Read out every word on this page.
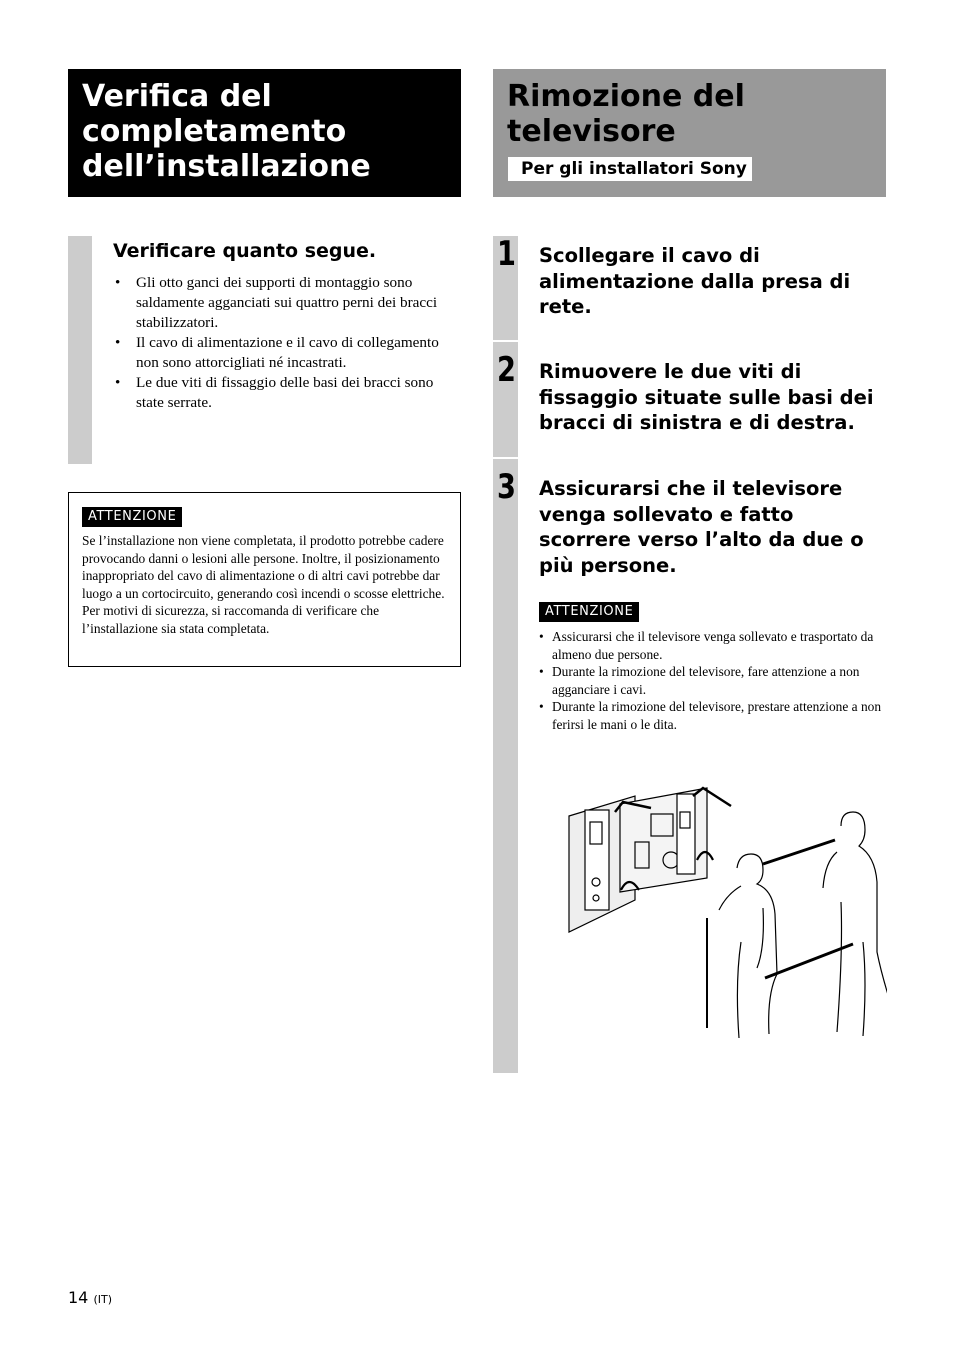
Verifica del completamento dell’installazione
Rimozione del televisore
Per gli installatori Sony
Verificare quanto segue.
• Gli otto ganci dei supporti di montaggio sono saldamente agganciati sui quattro perni dei bracci stabilizzatori.
• Il cavo di alimentazione e il cavo di collegamento non sono attorcigliati né incastrati.
• Le due viti di fissaggio delle basi dei bracci sono state serrate.
ATTENZIONE

Se l’installazione non viene completata, il prodotto potrebbe cadere provocando danni o lesioni alle persone. Inoltre, il posizionamento inappropriato del cavo di alimentazione o di altri cavi potrebbe dar luogo a un cortocircuito, generando così incendi o scosse elettriche. Per motivi di sicurezza, si raccomanda di verificare che l’installazione sia stata completata.

1 Scollegare il cavo di alimentazione dalla presa di rete.

2 Rimuovere le due viti di fissaggio situate sulle basi dei bracci di sinistra e di destra.

3 Assicurarsi che il televisore venga sollevato e fatto scorrere verso l’alto da due o più persone.

ATTENZIONE
• Assicurarsi che il televisore venga sollevato e trasportato da almeno due persone.
• Durante la rimozione del televisore, fare attenzione a non agganciare i cavi.
• Durante la rimozione del televisore, prestare attenzione a non ferirsi le mani o le dita.
14 (IT)
